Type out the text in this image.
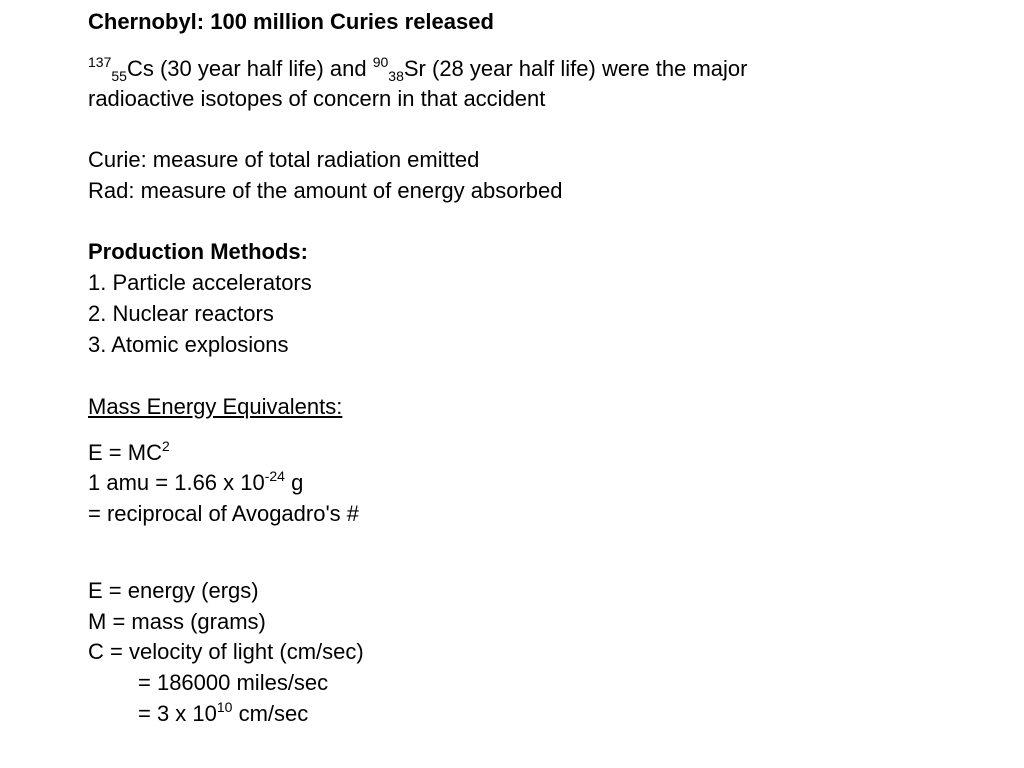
Chernobyl: 100 million Curies released
$^{137}_{55}$Cs (30 year half life) and $^{90}_{38}$Sr (28 year half life) were the major
radioactive isotopes of concern in that accident
Curie: measure of total radiation emitted
Rad: measure of the amount of energy absorbed
Production Methods:
1. Particle accelerators
2. Nuclear reactors
3. Atomic explosions
Mass Energy Equivalents:
$E = MC^2$
1 amu = 1.66 x $10^{-24}$ g
= reciprocal of Avogadro's #
E = energy (ergs)
M = mass (grams)
C = velocity of light (cm/sec)
= 186000 miles/sec
= 3 x $10^{10}$ cm/sec
